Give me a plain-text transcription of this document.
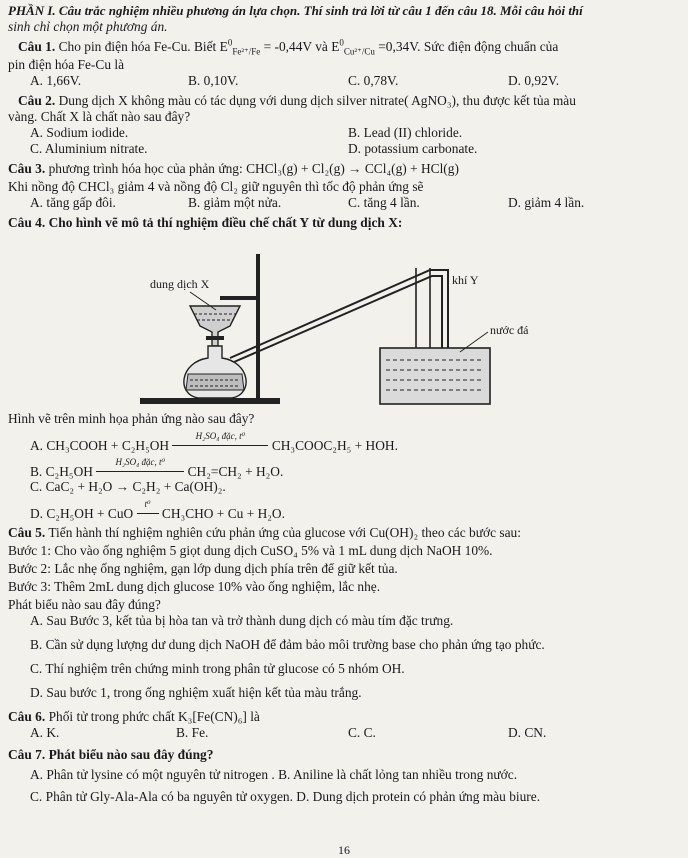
PHẦN I. Câu trắc nghiệm nhiều phương án lựa chọn. Thí sinh trả lời từ câu 1 đến câu 18. Mỗi câu hỏi thí
sinh chỉ chọn một phương án.
Câu 1. Cho pin điện hóa Fe-Cu. Biết $E^0_{Fe^{2+}/Fe} = -0,44V$ và $E^0_{Cu^{2+}/Cu} =0,34V$. Sức điện động chuẩn của
pin điện hóa Fe-Cu là
A. 1,66V.	B. 0,10V.	C. 0,78V.	D. 0,92V.
Câu 2. Dung dịch X không màu có tác dụng với dung dịch silver nitrate( AgNO₃), thu được kết tủa màu
vàng. Chất X là chất nào sau đây?
A. Sodium iodide.	B. Lead (II) chloride.
C. Aluminium nitrate.	D. potassium carbonate.
Câu 3. phương trình hóa học của phản ứng: CHCl₃(g) + Cl₂(g) → CCl₄(g) + HCl(g)
Khi nồng độ CHCl₃ giảm 4 và nồng độ Cl₂ giữ nguyên thì tốc độ phản ứng sẽ
A. tăng gấp đôi.	B. giảm một nửa.	C. tăng 4 lần.	D. giảm 4 lần.
Câu 4. Cho hình vẽ mô tả thí nghiệm điều chế chất Y từ dung dịch X:
dung dịch X	khí Y
nước đá
Hình vẽ trên minh họa phản ứng nào sau đây?
A. CH₃COOH + C₂H₅OH
H₂SO₄ đặc, t⁰
CH₃COOC₂H₅ + HOH.
B. C₂H₅OH
H₂SO₄ đặc, t⁰
CH₂=CH₂ + H₂O.
C. CaC₂ + H₂O → C₂H₂ + Ca(OH)₂.
D. C₂H₅OH + CuO
t⁰
CH₃CHO + Cu + H₂O.
Câu 5. Tiến hành thí nghiệm nghiên cứu phản ứng của glucose với Cu(OH)₂ theo các bước sau:
Bước 1: Cho vào ống nghiệm 5 giọt dung dịch CuSO₄ 5% và 1 mL dung dịch NaOH 10%.
Bước 2: Lắc nhẹ ống nghiệm, gạn lớp dung dịch phía trên để giữ kết tủa.
Bước 3: Thêm 2mL dung dịch glucose 10% vào ống nghiệm, lắc nhẹ.
Phát biểu nào sau đây đúng?
A. Sau Bước 3, kết tủa bị hòa tan và trở thành dung dịch có màu tím đặc trưng.
B. Cần sử dụng lượng dư dung dịch NaOH để đảm bảo môi trường base cho phản ứng tạo phức.
C. Thí nghiệm trên chứng minh trong phân tử glucose có 5 nhóm OH.
D. Sau bước 1, trong ống nghiệm xuất hiện kết tủa màu trắng.
Câu 6. Phối tử trong phức chất K₃[Fe(CN)₆] là
A. K.	B. Fe.	C. C.	D. CN.
Câu 7. Phát biểu nào sau đây đúng?
A. Phân tử lysine có một nguyên tử nitrogen . B. Aniline là chất lỏng tan nhiều trong nước.
C. Phân tử Gly-Ala-Ala có ba nguyên tử oxygen. D. Dung dịch protein có phản ứng màu biure.
16
